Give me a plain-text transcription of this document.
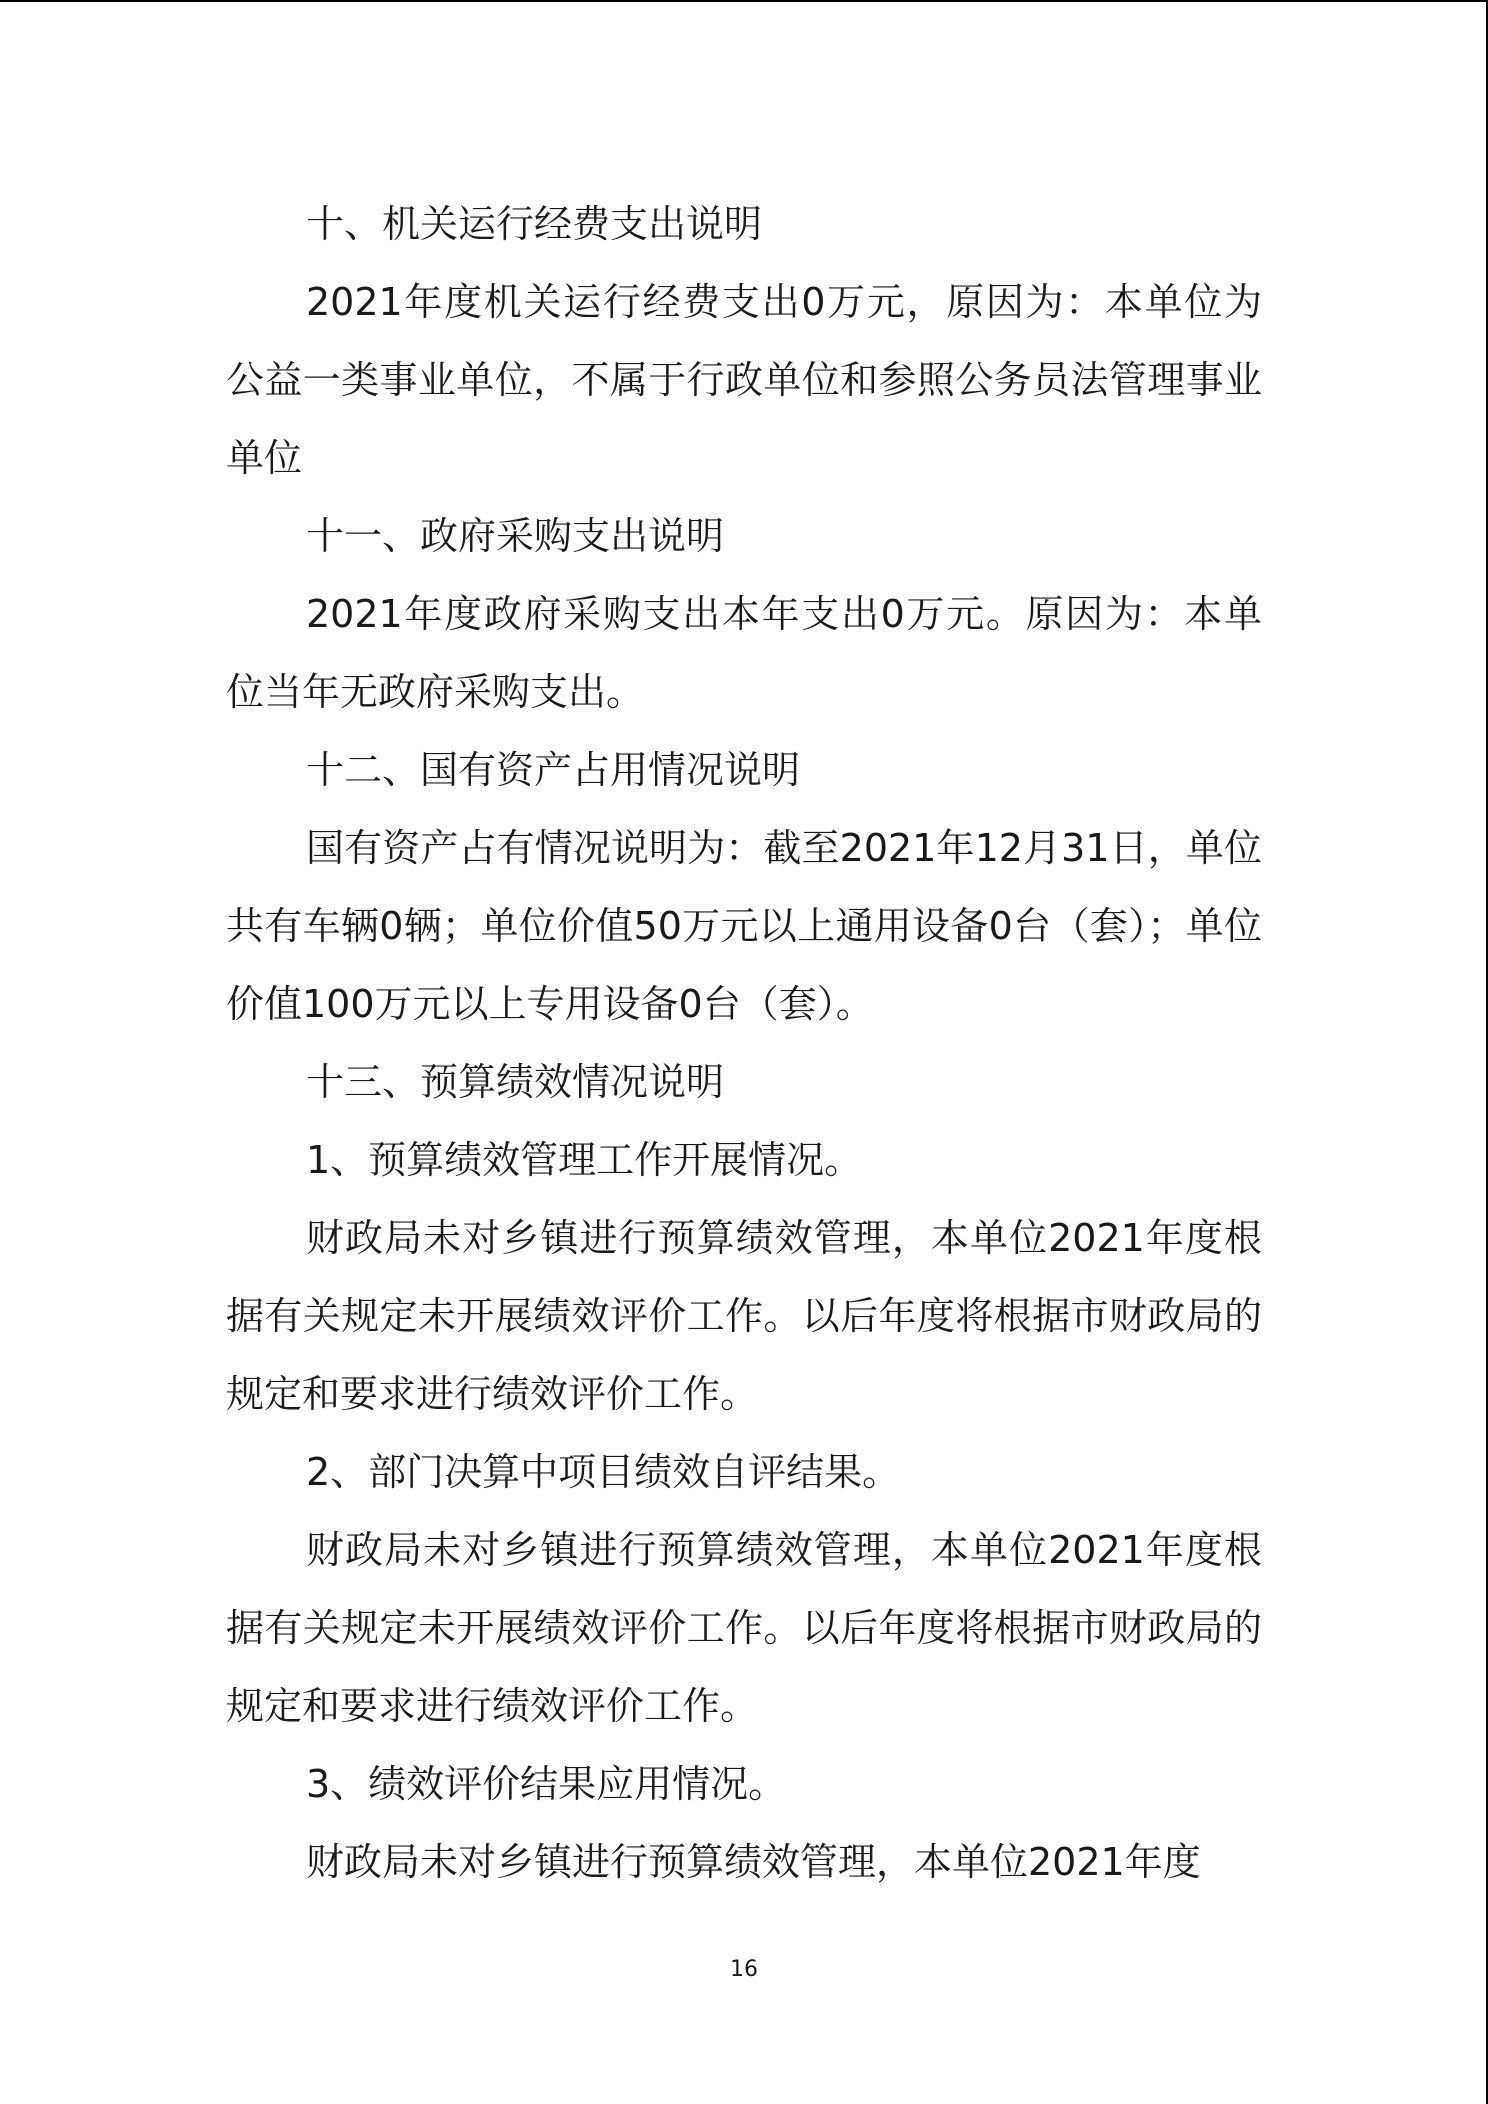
十、机关运行经费支出说明

2021年度机关运行经费支出0万元，原因为：本单位为公益一类事业单位，不属于行政单位和参照公务员法管理事业单位

十一、政府采购支出说明

2021年度政府采购支出本年支出0万元。原因为：本单位当年无政府采购支出。

十二、国有资产占用情况说明

国有资产占有情况说明为：截至2021年12月31日，单位共有车辆0辆；单位价值50万元以上通用设备0台（套）；单位价值100万元以上专用设备0台（套）。

十三、预算绩效情况说明

1、预算绩效管理工作开展情况。

财政局未对乡镇进行预算绩效管理，本单位2021年度根据有关规定未开展绩效评价工作。以后年度将根据市财政局的规定和要求进行绩效评价工作。

2、部门决算中项目绩效自评结果。

财政局未对乡镇进行预算绩效管理，本单位2021年度根据有关规定未开展绩效评价工作。以后年度将根据市财政局的规定和要求进行绩效评价工作。

3、绩效评价结果应用情况。

财政局未对乡镇进行预算绩效管理，本单位2021年度

16
